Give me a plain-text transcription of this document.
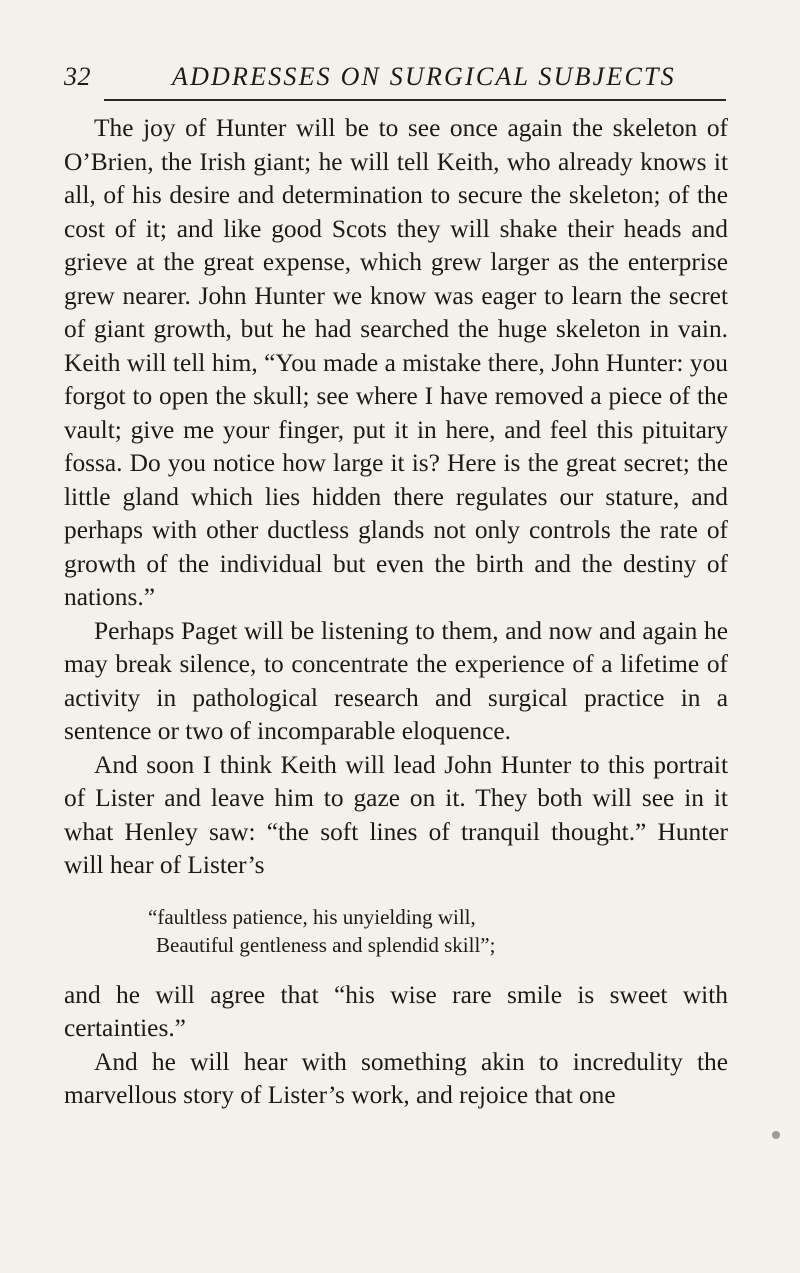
32	ADDRESSES ON SURGICAL SUBJECTS

The joy of Hunter will be to see once again the skeleton of O’Brien, the Irish giant; he will tell Keith, who already knows it all, of his desire and determination to secure the skeleton; of the cost of it; and like good Scots they will shake their heads and grieve at the great expense, which grew larger as the enterprise grew nearer. John Hunter we know was eager to learn the secret of giant growth, but he had searched the huge skeleton in vain. Keith will tell him, “You made a mistake there, John Hunter: you forgot to open the skull; see where I have removed a piece of the vault; give me your finger, put it in here, and feel this pituitary fossa. Do you notice how large it is? Here is the great secret; the little gland which lies hidden there regulates our stature, and perhaps with other ductless glands not only controls the rate of growth of the individual but even the birth and the destiny of nations.”

Perhaps Paget will be listening to them, and now and again he may break silence, to concentrate the experience of a lifetime of activity in pathological research and surgical practice in a sentence or two of incomparable eloquence.

And soon I think Keith will lead John Hunter to this portrait of Lister and leave him to gaze on it. They both will see in it what Henley saw: “the soft lines of tranquil thought.” Hunter will hear of Lister’s

“faultless patience, his unyielding will,
Beautiful gentleness and splendid skill”;

and he will agree that “his wise rare smile is sweet with certainties.”

And he will hear with something akin to incredulity the marvellous story of Lister’s work, and rejoice that one
